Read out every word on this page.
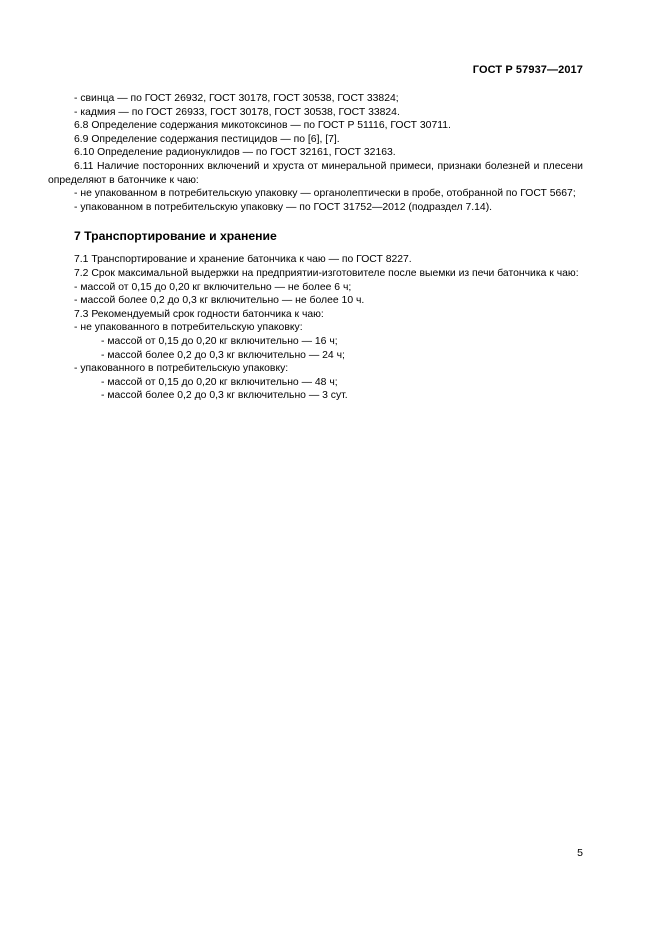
ГОСТ Р 57937—2017

- свинца — по ГОСТ 26932, ГОСТ 30178, ГОСТ 30538, ГОСТ 33824;

- кадмия — по ГОСТ 26933, ГОСТ 30178, ГОСТ 30538, ГОСТ 33824.

6.8 Определение содержания микотоксинов — по ГОСТ Р 51116, ГОСТ 30711.

6.9 Определение содержания пестицидов — по [6], [7].

6.10 Определение радионуклидов — по ГОСТ 32161, ГОСТ 32163.

6.11 Наличие посторонних включений и хруста от минеральной примеси, признаки болезней и плесени определяют в батончике к чаю:

- не упакованном в потребительскую упаковку — органолептически в пробе, отобранной по ГОСТ 5667;

- упакованном в потребительскую упаковку — по ГОСТ 31752—2012 (подраздел 7.14).

7 Транспортирование и хранение

7.1 Транспортирование и хранение батончика к чаю — по ГОСТ 8227.

7.2 Срок максимальной выдержки на предприятии-изготовителе после выемки из печи батончика к чаю:

- массой от 0,15 до 0,20 кг включительно — не более 6 ч;

- массой более 0,2 до 0,3 кг включительно — не более 10 ч.

7.3 Рекомендуемый срок годности батончика к чаю:

- не упакованного в потребительскую упаковку:

- массой от 0,15 до 0,20 кг включительно — 16 ч;

- массой более 0,2 до 0,3 кг включительно — 24 ч;

- упакованного в потребительскую упаковку:

- массой от 0,15 до 0,20 кг включительно — 48 ч;

- массой более 0,2 до 0,3 кг включительно — 3 сут.

5
